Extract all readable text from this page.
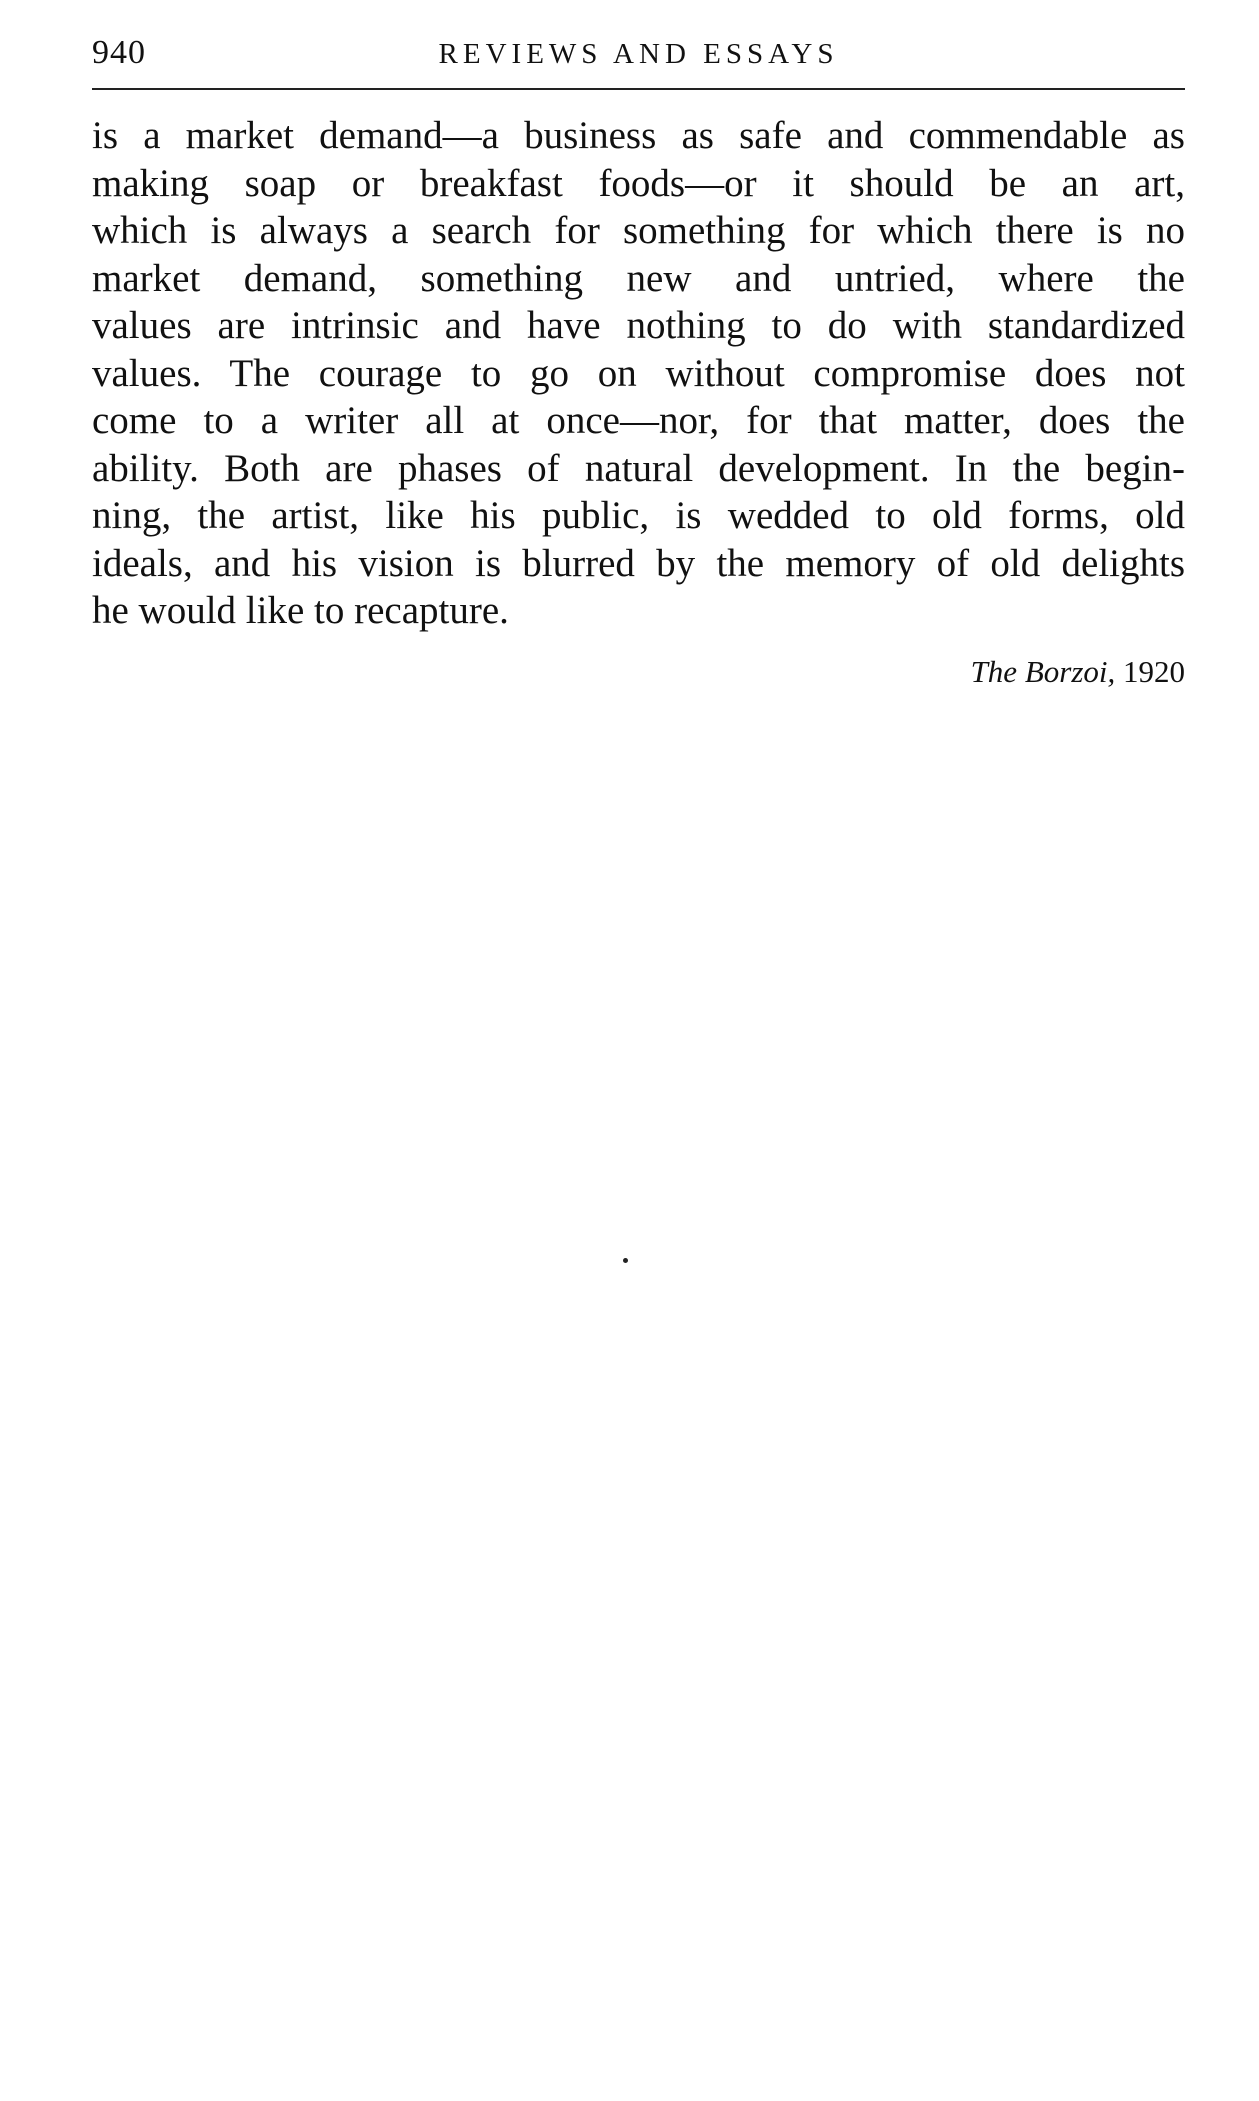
940	REVIEWS AND ESSAYS
is a market demand—a business as safe and commendable as
making soap or breakfast foods—or it should be an art,
which is always a search for something for which there is no
market demand, something new and untried, where the
values are intrinsic and have nothing to do with standardized
values. The courage to go on without compromise does not
come to a writer all at once—nor, for that matter, does the
ability. Both are phases of natural development. In the begin-
ning, the artist, like his public, is wedded to old forms, old
ideals, and his vision is blurred by the memory of old delights
he would like to recapture.
The Borzoi, 1920
